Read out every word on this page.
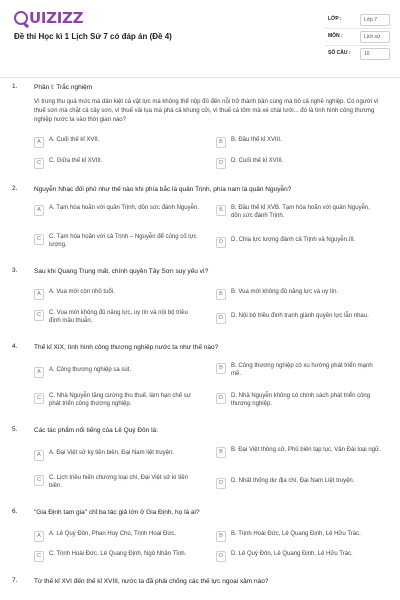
UIZIZZ
Đề thi Học kì 1 Lịch Sử 7 có đáp án (Đề 4)
LỚP :	Lớp 7
MÔN :	Lịch sử
SỐ CÂU :	10
1.	Phần I: Trắc nghiệm
Vì trung thu quá mức mà dân kiệt cả vật lực mà không thể nộp đủ đến nỗi trở thành bần cùng mà bỏ cả nghề nghiệp. Có người vì thuế sơn mà chặt cả cây sơn, vì thuế vải lụa mà phá cả khung cửi, vì thuế cá tôm mà xé chài lưới... đó là tình hình công thương nghiệp nước ta vào thời gian nào?
A	A. Cuối thế kỉ XVII.	B	B. Đầu thế kỉ XVIII.
C	C. Giữa thế kỉ XVIII.	D	D. Cuối thế kỉ XVIII.
2.	Nguyễn Nhạc đối phó như thế nào khi phía bắc là quân Trịnh, phía nam là quân Nguyễn?
A	A. Tạm hòa hoãn với quân Trịnh, dồn sức đánh Nguyễn.	B	B. Đầu thế kỉ XVB. Tạm hòa hoãn với quân Nguyễn, dồn sức đánh Trịnh.
C	C. Tạm hòa hoãn với cả Trịnh – Nguyễn để củng cố lực lượng.	D	D. Chia lực lượng đánh cả Trịnh và Nguyễn.III.
3.	Sau khi Quang Trung mất, chính quyền Tây Sơn suy yếu vì?
A	A. Vua mới còn nhỏ tuổi.	B	B. Vua mới không đủ năng lực và uy tín.
C	C. Vua mới không đủ năng lực, uy tín và nội bộ triều đình mâu thuẫn.	D	D. Nội bộ triều đình tranh giành quyền lực lẫn nhau.
4.	Thế kỉ XIX, tình hình công thương nghiệp nước ta như thế nào?
A	A. Công thương nghiệp sa sút.	B	B. Công thương nghiệp có xu hướng phát triển mạnh mẽ.
C	C. Nhà Nguyễn tăng cường thu thuế, làm hạn chế sự phát triển công thương nghiệp.
D	D. Nhà Nguyễn không có chính sách phát triển công thương nghiệp.
5.	Các tác phẩm nổi tiếng của Lê Quý Đôn là:
A	A. Đại Việt sử ký tiền biên, Đại Nam liệt truyện.	B	B. Đại Việt thông sử, Phủ biên tạp lục, Vân Đài loại ngữ.
C	C. Lịch triều hiến chương loại chí, Đại Việt sử kí tiền biên.	D	D. Nhất thống dư địa chí, Đại Nam Liệt truyện.
6.	"Gia Định tam gia" chỉ ba tác giả lớn ở Gia Định, họ là ai?
A	A. Lê Quý Đôn, Phan Huy Chú, Trịnh Hoài Đức.	B	B. Trịnh Hoài Đức, Lê Quang Định, Lê Hữu Trác.
C	C. Trịnh Hoài Đức, Lê Quang Định, Ngô Nhân Tĩnh.	D	D. Lê Quý Đôn, Lê Quang Định, Lê Hữu Trác.
7.	Từ thế kỉ XVI đến thế kỉ XVIII, nước ta đã phải chống các thế lực ngoại xâm nào?
